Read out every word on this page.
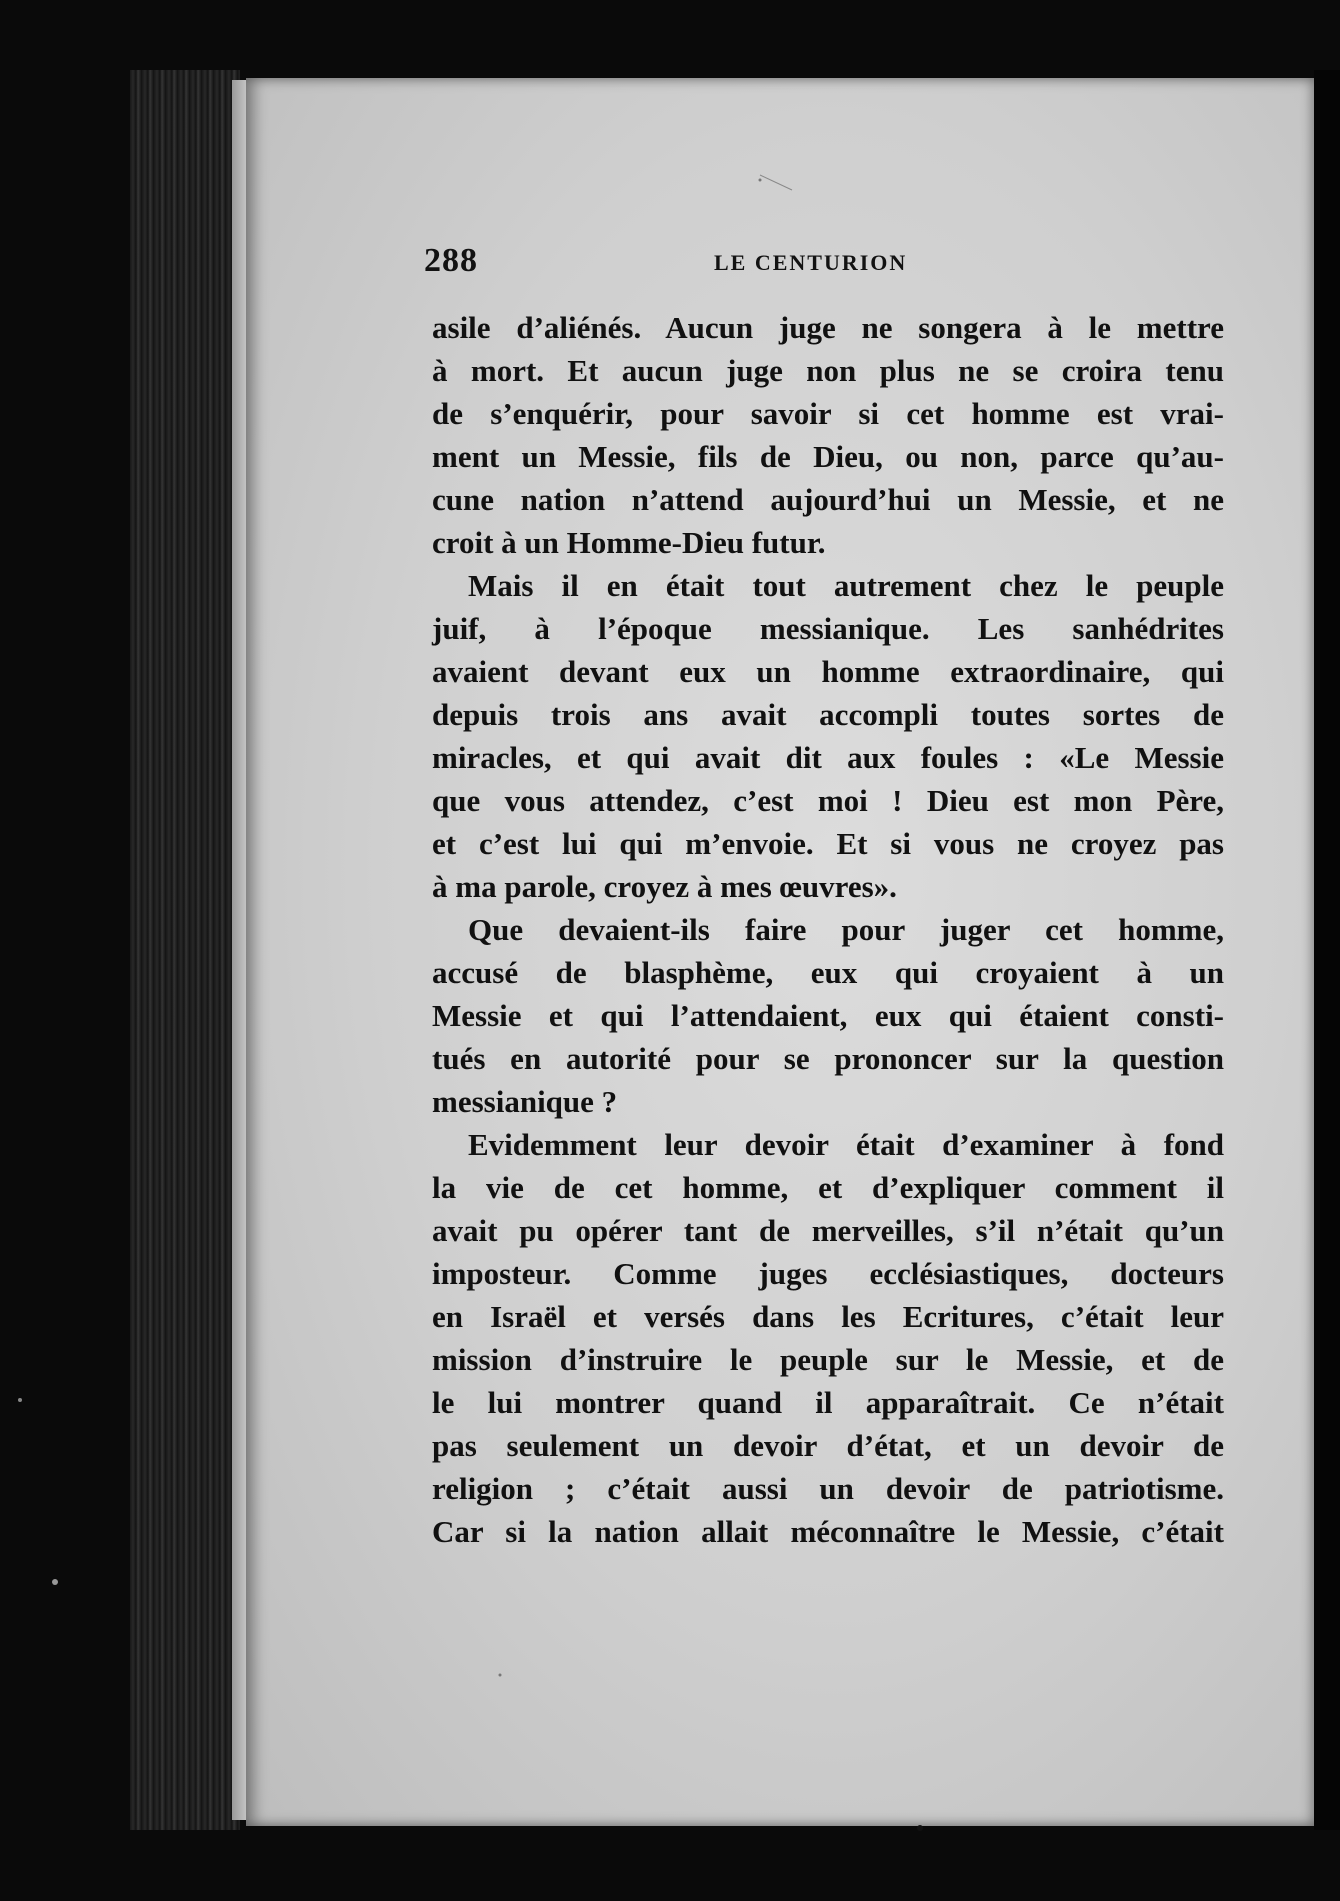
288	LE CENTURION
asile d’aliénés. Aucun juge ne songera à le mettre
à mort. Et aucun juge non plus ne se croira tenu
de s’enquérir, pour savoir si cet homme est vrai-
ment un Messie, fils de Dieu, ou non, parce qu’au-
cune nation n’attend aujourd’hui un Messie, et ne
croit à un Homme-Dieu futur.
Mais il en était tout autrement chez le peuple
juif, à l’époque messianique. Les sanhédrites
avaient devant eux un homme extraordinaire, qui
depuis trois ans avait accompli toutes sortes de
miracles, et qui avait dit aux foules : «Le Messie
que vous attendez, c’est moi ! Dieu est mon Père,
et c’est lui qui m’envoie. Et si vous ne croyez pas
à ma parole, croyez à mes œuvres».
Que devaient-ils faire pour juger cet homme,
accusé de blasphème, eux qui croyaient à un
Messie et qui l’attendaient, eux qui étaient consti-
tués en autorité pour se prononcer sur la question
messianique ?
Evidemment leur devoir était d’examiner à fond
la vie de cet homme, et d’expliquer comment il
avait pu opérer tant de merveilles, s’il n’était qu’un
imposteur. Comme juges ecclésiastiques, docteurs
en Israël et versés dans les Ecritures, c’était leur
mission d’instruire le peuple sur le Messie, et de
le lui montrer quand il apparaîtrait. Ce n’était
pas seulement un devoir d’état, et un devoir de
religion ; c’était aussi un devoir de patriotisme.
Car si la nation allait méconnaître le Messie, c’était
